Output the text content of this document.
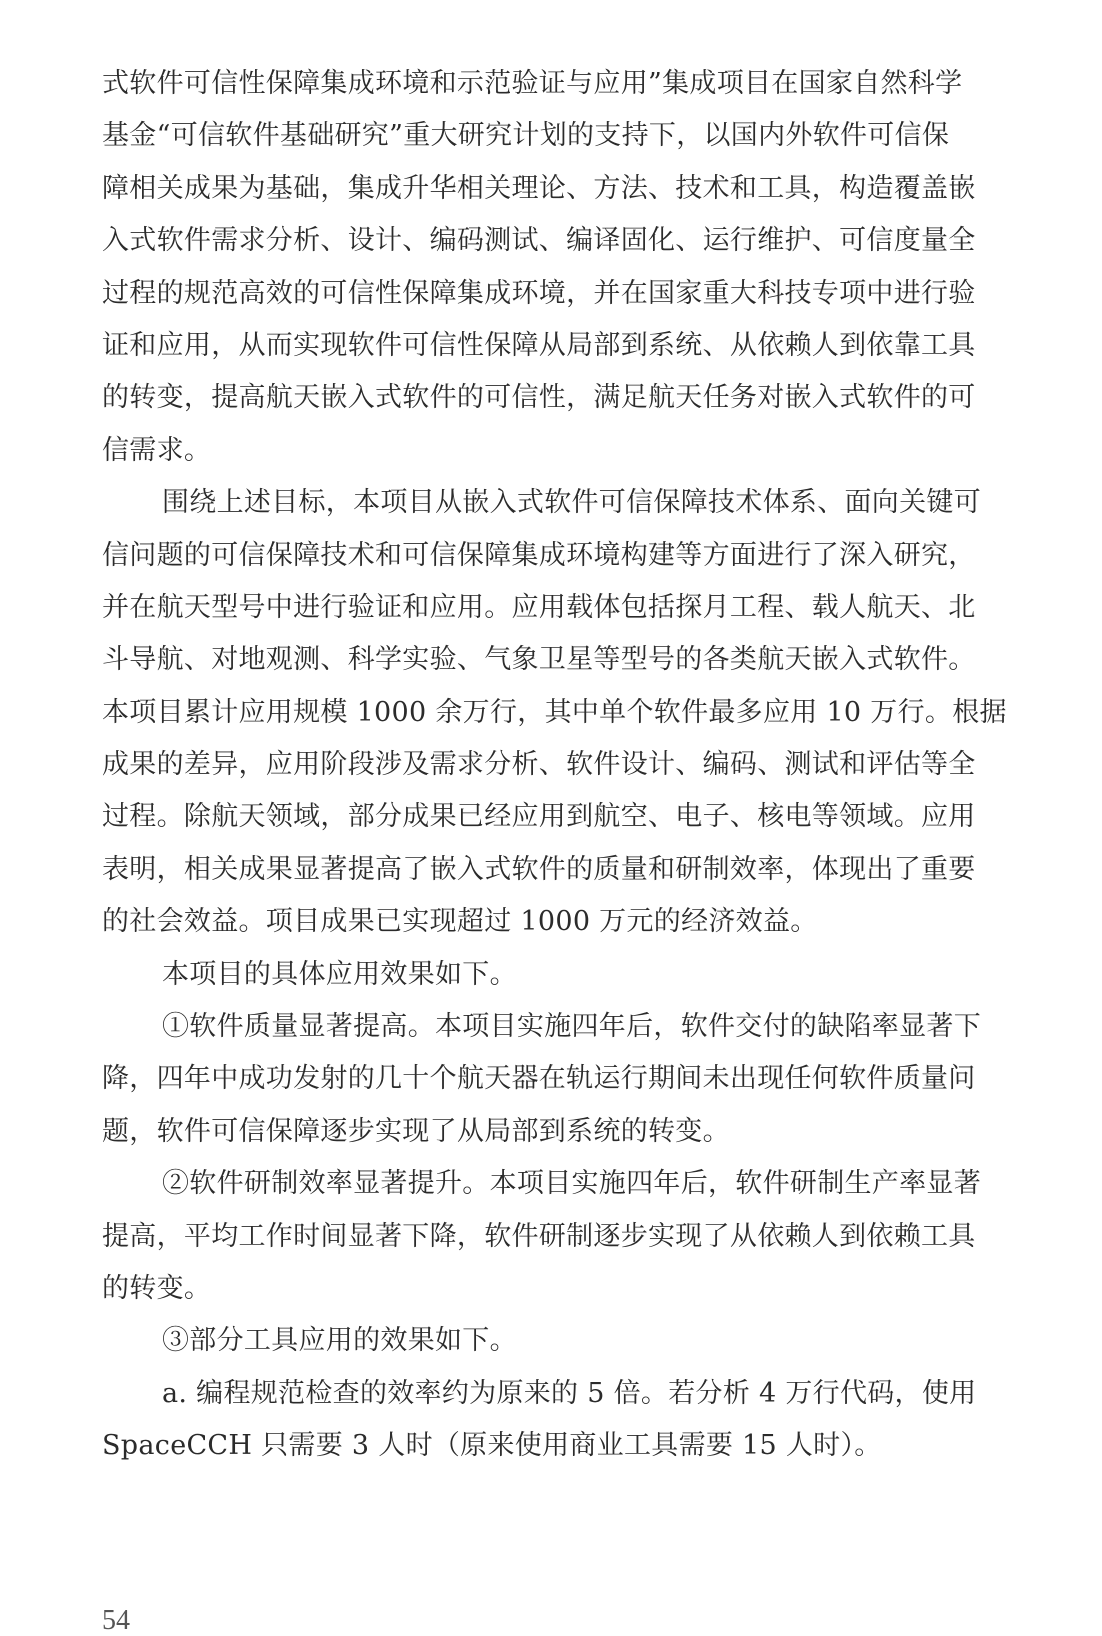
式软件可信性保障集成环境和示范验证与应用”集成项目在国家自然科学
基金“可信软件基础研究”重大研究计划的支持下，以国内外软件可信保
障相关成果为基础，集成升华相关理论、方法、技术和工具，构造覆盖嵌
入式软件需求分析、设计、编码测试、编译固化、运行维护、可信度量全
过程的规范高效的可信性保障集成环境，并在国家重大科技专项中进行验
证和应用，从而实现软件可信性保障从局部到系统、从依赖人到依靠工具
的转变，提高航天嵌入式软件的可信性，满足航天任务对嵌入式软件的可
信需求。
围绕上述目标，本项目从嵌入式软件可信保障技术体系、面向关键可
信问题的可信保障技术和可信保障集成环境构建等方面进行了深入研究，
并在航天型号中进行验证和应用。应用载体包括探月工程、载人航天、北
斗导航、对地观测、科学实验、气象卫星等型号的各类航天嵌入式软件。
本项目累计应用规模 1000 余万行，其中单个软件最多应用 10 万行。根据
成果的差异，应用阶段涉及需求分析、软件设计、编码、测试和评估等全
过程。除航天领域，部分成果已经应用到航空、电子、核电等领域。应用
表明，相关成果显著提高了嵌入式软件的质量和研制效率，体现出了重要
的社会效益。项目成果已实现超过 1000 万元的经济效益。
本项目的具体应用效果如下。
①软件质量显著提高。本项目实施四年后，软件交付的缺陷率显著下
降，四年中成功发射的几十个航天器在轨运行期间未出现任何软件质量问
题，软件可信保障逐步实现了从局部到系统的转变。
②软件研制效率显著提升。本项目实施四年后，软件研制生产率显著
提高，平均工作时间显著下降，软件研制逐步实现了从依赖人到依赖工具
的转变。
③部分工具应用的效果如下。
a. 编程规范检查的效率约为原来的 5 倍。若分析 4 万行代码，使用
SpaceCCH 只需要 3 人时（原来使用商业工具需要 15 人时）。
54
